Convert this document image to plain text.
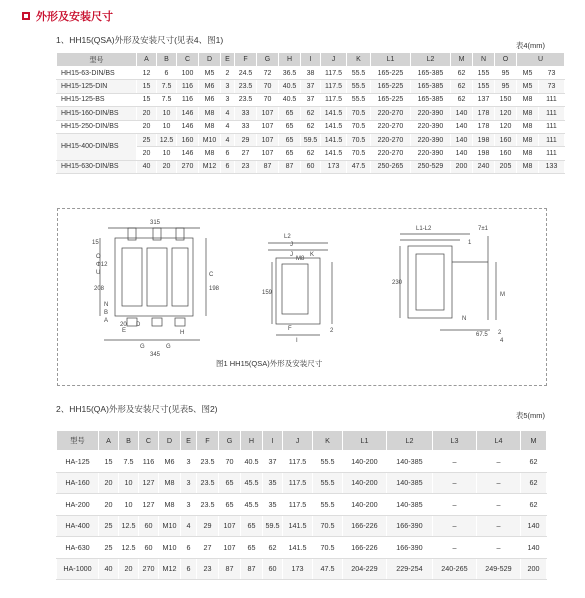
外形及安装尺寸
1、HH15(QSA)外形及安装尺寸(见表4、图1)
表4(mm)
型号	A	B	C	D	E	F	G	H	I	J	K	L1	L2	M	N	O	U	
HH15-63-DIN/BS	12	6	100	M5	2	24.5	72	36.5	38	117.5	55.5	165-225	165-385	62	155	95	M5	73
HH15-125-DIN	15	7.5	116	M6	3	23.5	70	40.5	37	117.5	55.5	165-225	165-385	62	155	95	M5	73
HH15-125-BS	15	7.5	116	M6	3	23.5	70	40.5	37	117.5	55.5	165-225	165-385	62	137	150	M8	111
HH15-160-DIN/BS	20	10	146	M8	4	33	107	65	62	141.5	70.5	220-270	220-390	140	178	120	M8	111
HH15-250-DIN/BS	20	10	146	M8	4	33	107	65	62	141.5	70.5	220-270	220-390	140	178	120	M8	111
HH15-400-DIN/BS	25	12.5	160	M10	4	29	107	65	59.5	141.5	70.5	220-270	220-390	140	198	160	M8	111
	20	10	146	M8	6	27	107	65	62	141.5	70.5	220-270	220-390	140	198	160	M8	111
HH15-630-DIN/BS	40	20	270	M12	6	23	87	87	60	173	47.5	250-265	250-529	200	240	205	M8	133
315
15
O
Φ12
U
208	198
C
N
B
A
E
20 D
G	G
H
345
J
K
L2
M8
2
159
F
I
J
L1-L2
1
7±1
230
M
N
2
67.5
4
图1 HH15(QSA)外形及安装尺寸
2、HH15(QA)外形及安装尺寸(见表5、图2)
表5(mm)
型号	A	B	C	D	E	F	G	H	I	J	K	L1	L2	L3	L4	M
HA-125	15	7.5	116	M6	3	23.5	70	40.5	37	117.5	55.5	140-200	140-385	–	–	62
HA-160	20	10	127	M8	3	23.5	65	45.5	35	117.5	55.5	140-200	140-385	–	–	62
HA-200	20	10	127	M8	3	23.5	65	45.5	35	117.5	55.5	140-200	140-385	–	–	62
HA-400	25	12.5	60	M10	4	29	107	65	59.5	141.5	70.5	166-226	166-390	–	–	140
HA-630	25	12.5	60	M10	6	27	107	65	62	141.5	70.5	166-226	166-390	–	–	140
HA-1000	40	20	270	M12	6	23	87	87	60	173	47.5	204-229	229-254	240-265	249-529	200
